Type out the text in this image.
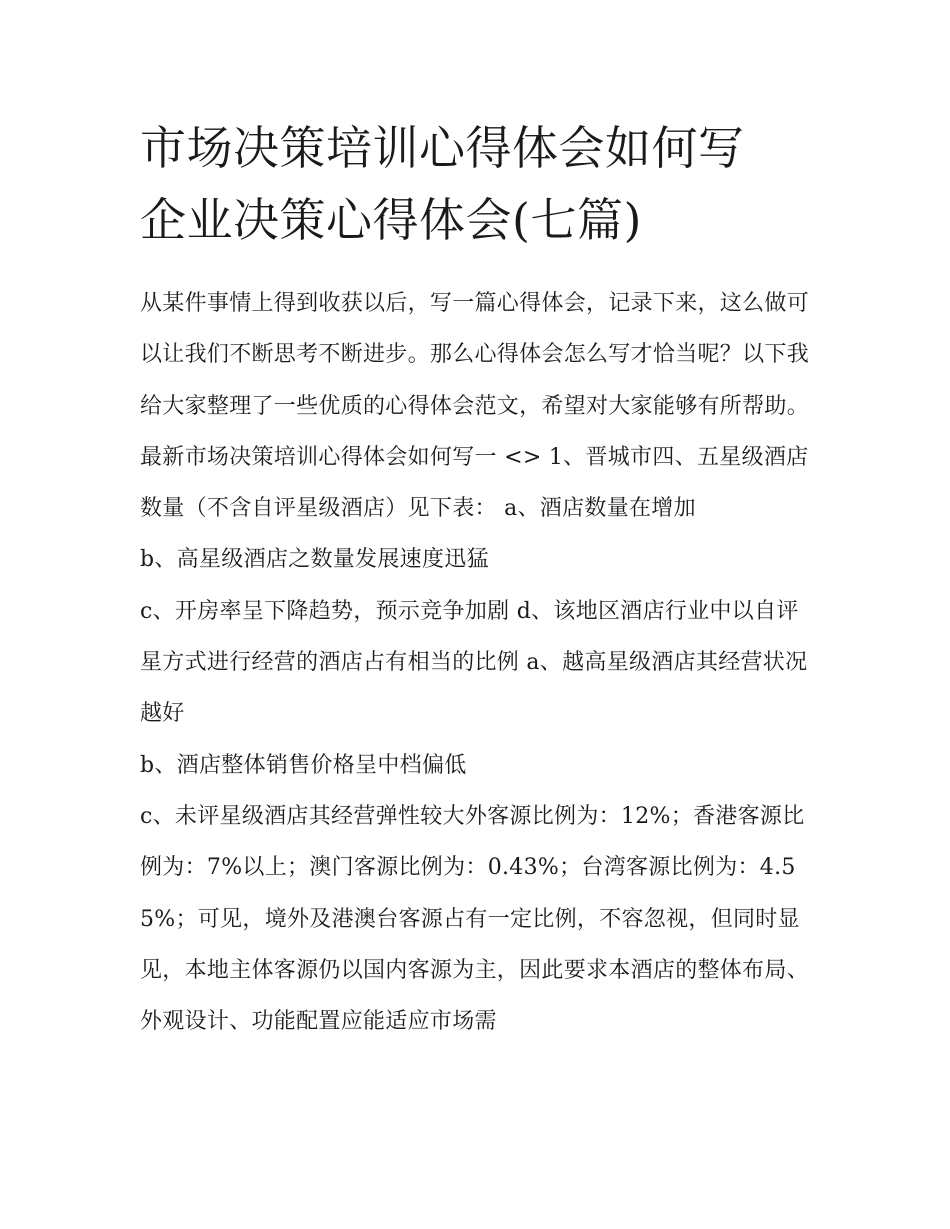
市场决策培训心得体会如何写
企业决策心得体会(七篇)

从某件事情上得到收获以后，写一篇心得体会，记录下来，这么做可以让我们不断思考不断进步。那么心得体会怎么写才恰当呢？以下我给大家整理了一些优质的心得体会范文，希望对大家能够有所帮助。

最新市场决策培训心得体会如何写一 <> 1、晋城市四、五星级酒店数量（不含自评星级酒店）见下表： a、酒店数量在增加

b、高星级酒店之数量发展速度迅猛

c、开房率呈下降趋势，预示竞争加剧 d、该地区酒店行业中以自评星方式进行经营的酒店占有相当的比例 a、越高星级酒店其经营状况越好

b、酒店整体销售价格呈中档偏低

c、未评星级酒店其经营弹性较大外客源比例为：12%；香港客源比例为：7%以上；澳门客源比例为：0.43%；台湾客源比例为：4.55%；可见，境外及港澳台客源占有一定比例，不容忽视，但同时显见，本地主体客源仍以国内客源为主，因此要求本酒店的整体布局、外观设计、功能配置应能适应市场需
